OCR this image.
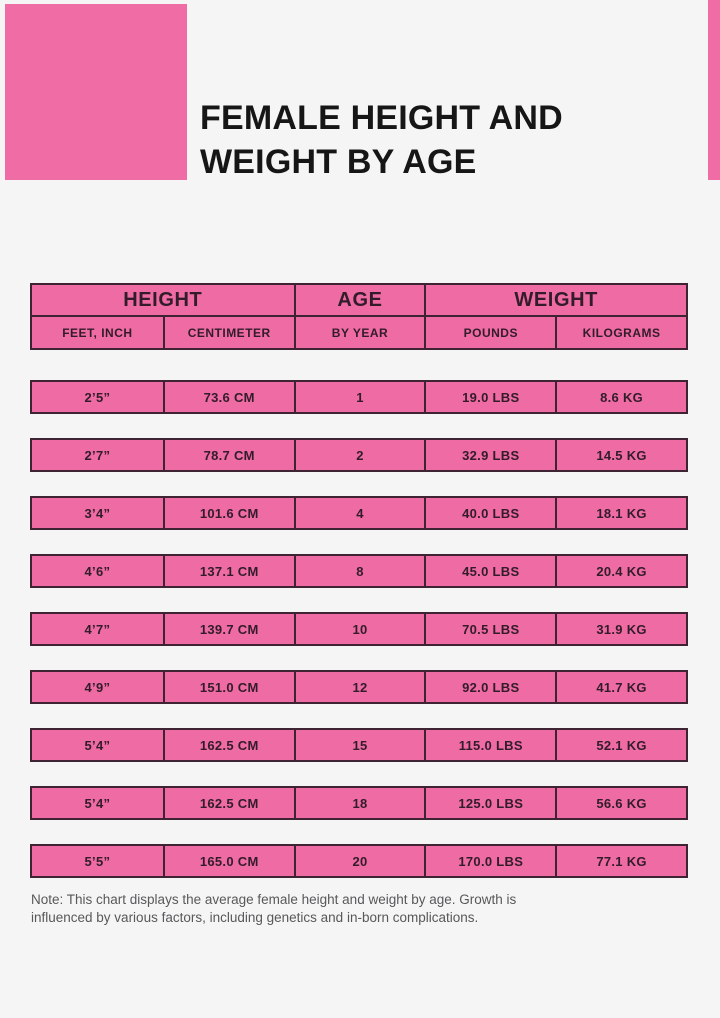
FEMALE HEIGHT AND
WEIGHT BY AGE
HEIGHT	AGE	WEIGHT
FEET, INCH	CENTIMETER	BY YEAR	POUNDS	KILOGRAMS
2’5”	73.6 CM	1	19.0 LBS	8.6 KG
2’7”	78.7 CM	2	32.9 LBS	14.5 KG
3’4”	101.6 CM	4	40.0 LBS	18.1 KG
4’6”	137.1 CM	8	45.0 LBS	20.4 KG
4’7”	139.7 CM	10	70.5 LBS	31.9 KG
4’9”	151.0 CM	12	92.0 LBS	41.7 KG
5’4”	162.5 CM	15	115.0 LBS	52.1 KG
5’4”	162.5 CM	18	125.0 LBS	56.6 KG
5’5”	165.0 CM	20	170.0 LBS	77.1 KG

Note: This chart displays the average female height and weight by age. Growth is influenced by various factors, including genetics and in-born complications.
